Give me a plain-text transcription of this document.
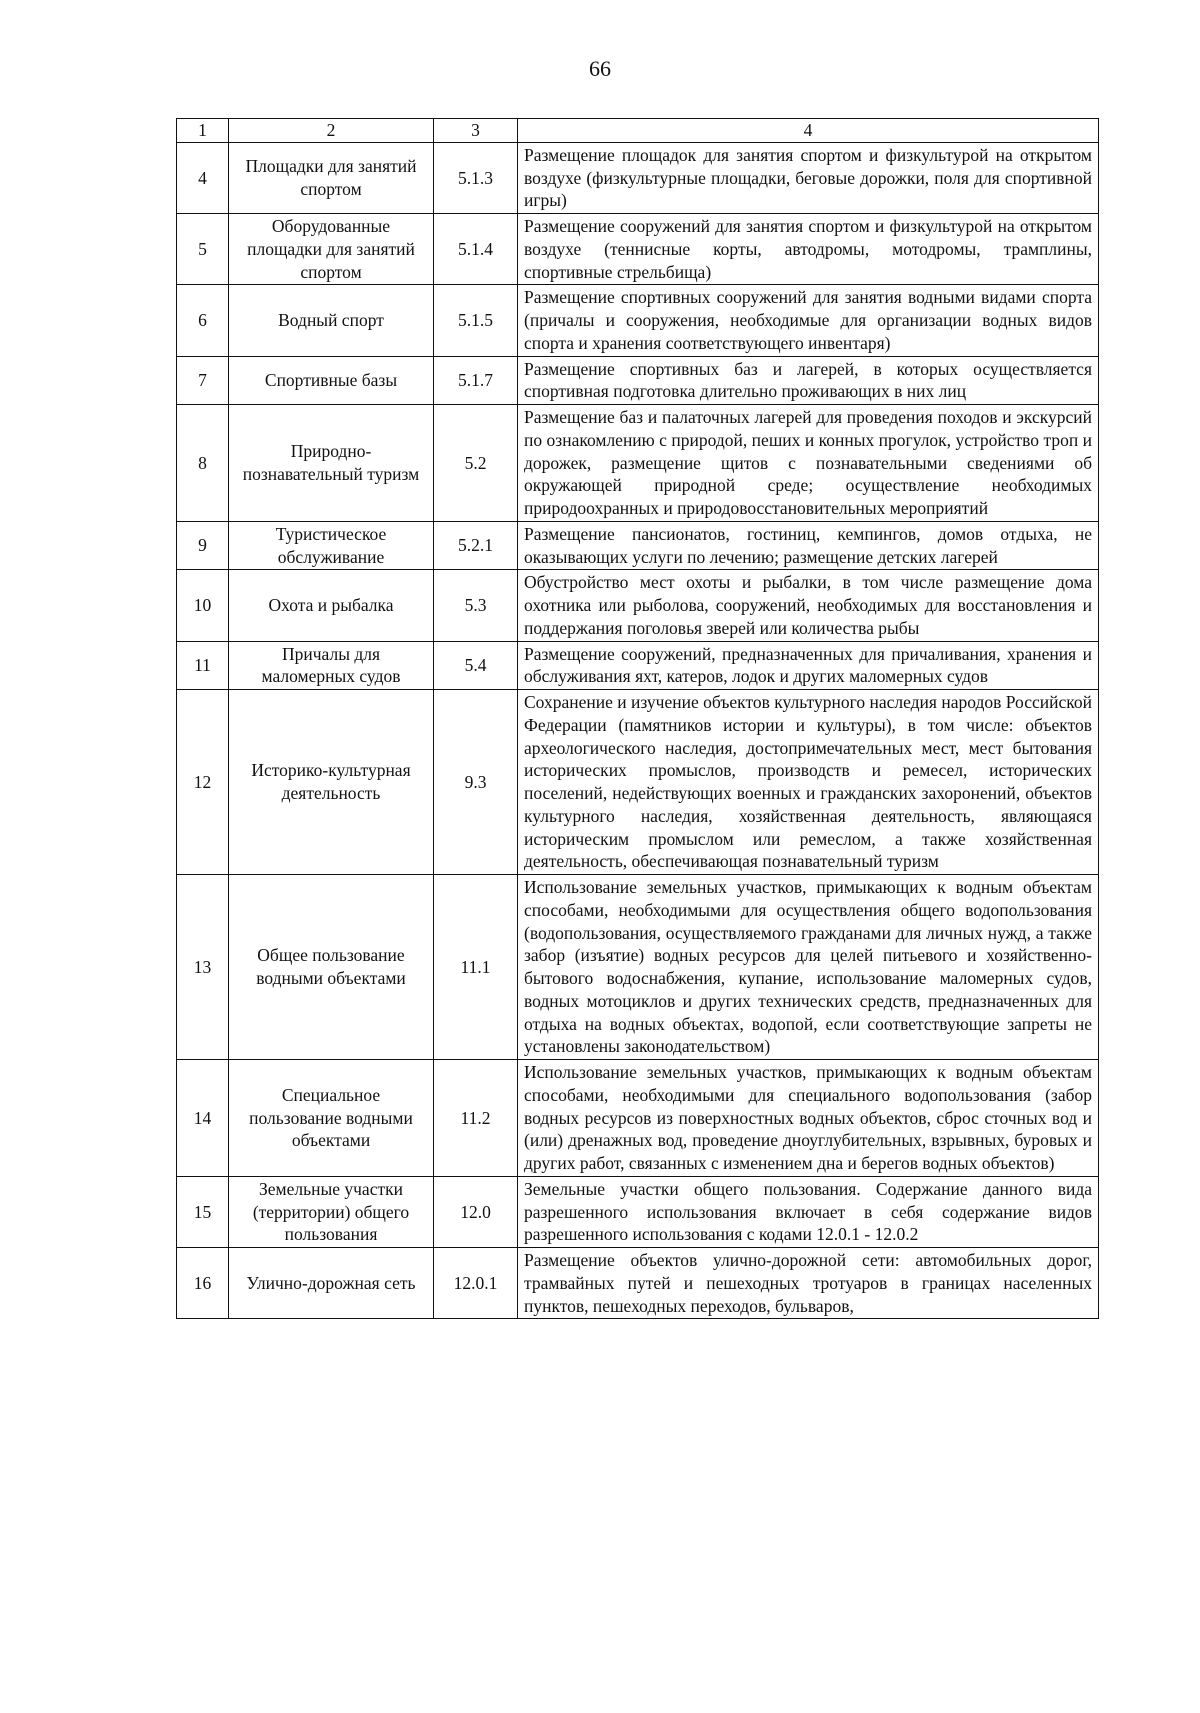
66
1	2	3	4
4	Площадки для занятий спортом	5.1.3	Размещение площадок для занятия спортом и физкультурой на открытом воздухе (физкультурные площадки, беговые дорожки, поля для спортивной игры)
5	Оборудованные площадки для занятий спортом	5.1.4	Размещение сооружений для занятия спортом и физкультурой на открытом воздухе (теннисные корты, автодромы, мотодромы, трамплины, спортивные стрельбища)
6	Водный спорт	5.1.5	Размещение спортивных сооружений для занятия водными видами спорта (причалы и сооружения, необходимые для организации водных видов спорта и хранения соответствующего инвентаря)
7	Спортивные базы	5.1.7	Размещение спортивных баз и лагерей, в которых осуществляется спортивная подготовка длительно проживающих в них лиц
8	Природно-познавательный туризм	5.2	Размещение баз и палаточных лагерей для проведения походов и экскурсий по ознакомлению с природой, пеших и конных прогулок, устройство троп и дорожек, размещение щитов с познавательными сведениями об окружающей природной среде; осуществление необходимых природоохранных и природовосстановительных мероприятий
9	Туристическое обслуживание	5.2.1	Размещение пансионатов, гостиниц, кемпингов, домов отдыха, не оказывающих услуги по лечению; размещение детских лагерей
10	Охота и рыбалка	5.3	Обустройство мест охоты и рыбалки, в том числе размещение дома охотника или рыболова, сооружений, необходимых для восстановления и поддержания поголовья зверей или количества рыбы
11	Причалы для маломерных судов	5.4	Размещение сооружений, предназначенных для причаливания, хранения и обслуживания яхт, катеров, лодок и других маломерных судов
12	Историко-культурная деятельность	9.3	Сохранение и изучение объектов культурного наследия народов Российской Федерации (памятников истории и культуры), в том числе: объектов археологического наследия, достопримечательных мест, мест бытования исторических промыслов, производств и ремесел, исторических поселений, недействующих военных и гражданских захоронений, объектов культурного наследия, хозяйственная деятельность, являющаяся историческим промыслом или ремеслом, а также хозяйственная деятельность, обеспечивающая познавательный туризм
13	Общее пользование водными объектами	11.1	Использование земельных участков, примыкающих к водным объектам способами, необходимыми для осуществления общего водопользования (водопользования, осуществляемого гражданами для личных нужд, а также забор (изъятие) водных ресурсов для целей питьевого и хозяйственно-бытового водоснабжения, купание, использование маломерных судов, водных мотоциклов и других технических средств, предназначенных для отдыха на водных объектах, водопой, если соответствующие запреты не установлены законодательством)
14	Специальное пользование водными объектами	11.2	Использование земельных участков, примыкающих к водным объектам способами, необходимыми для специального водопользования (забор водных ресурсов из поверхностных водных объектов, сброс сточных вод и (или) дренажных вод, проведение дноуглубительных, взрывных, буровых и других работ, связанных с изменением дна и берегов водных объектов)
15	Земельные участки (территории) общего пользования	12.0	Земельные участки общего пользования. Содержание данного вида разрешенного использования включает в себя содержание видов разрешенного использования с кодами 12.0.1 - 12.0.2
16	Улично-дорожная сеть	12.0.1	Размещение объектов улично-дорожной сети: автомобильных дорог, трамвайных путей и пешеходных тротуаров в границах населенных пунктов, пешеходных переходов, бульваров,
